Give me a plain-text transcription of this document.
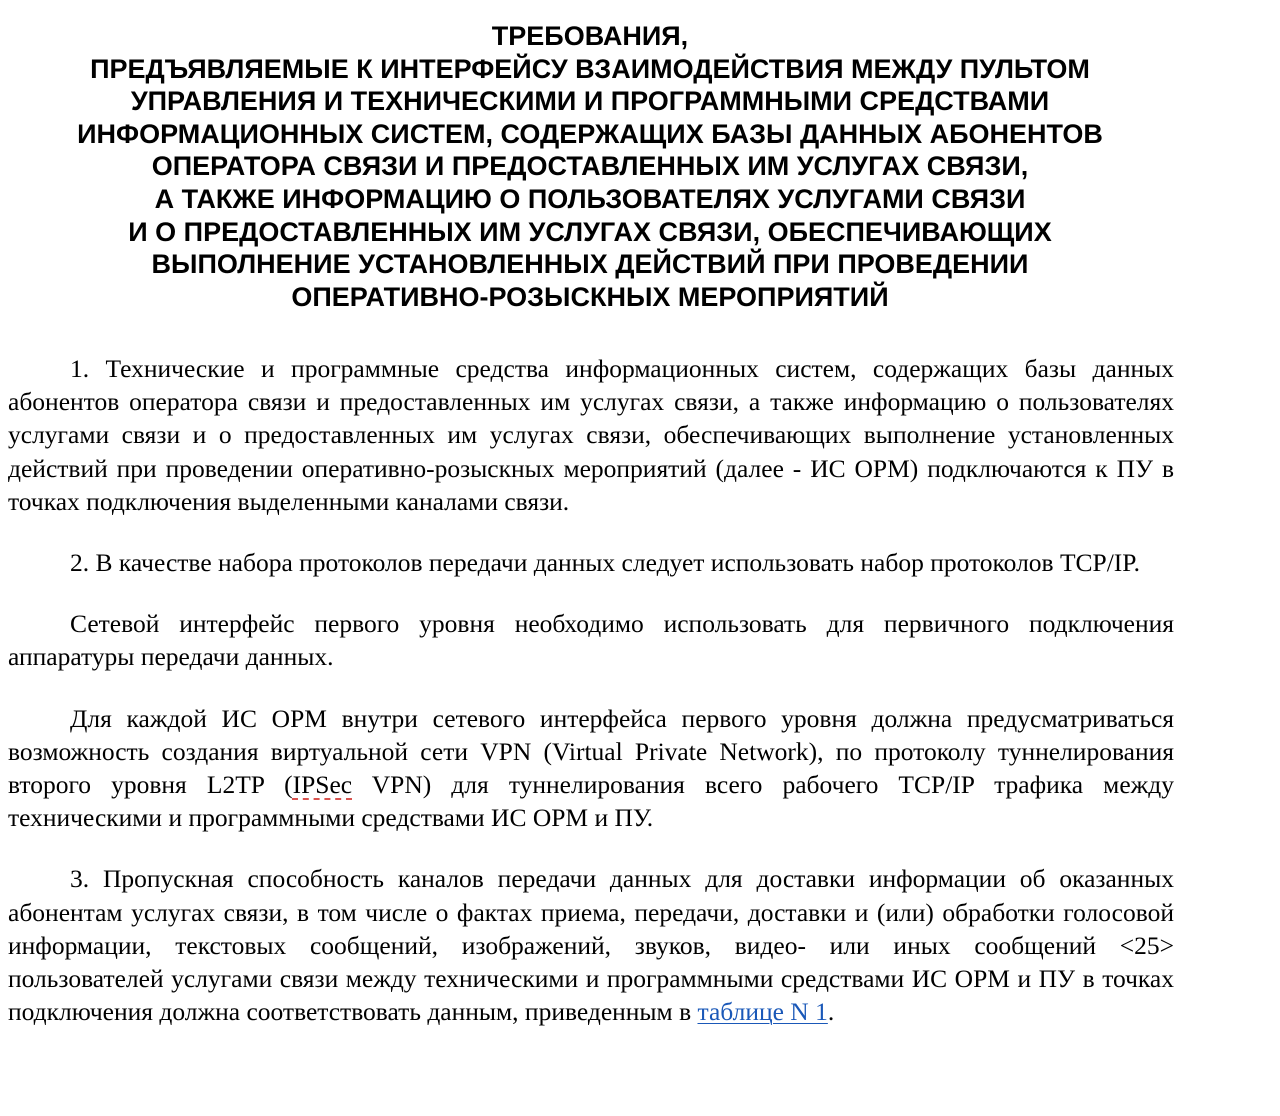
ТРЕБОВАНИЯ,
ПРЕДЪЯВЛЯЕМЫЕ К ИНТЕРФЕЙСУ ВЗАИМОДЕЙСТВИЯ МЕЖДУ ПУЛЬТОМ
УПРАВЛЕНИЯ И ТЕХНИЧЕСКИМИ И ПРОГРАММНЫМИ СРЕДСТВАМИ
ИНФОРМАЦИОННЫХ СИСТЕМ, СОДЕРЖАЩИХ БАЗЫ ДАННЫХ АБОНЕНТОВ
ОПЕРАТОРА СВЯЗИ И ПРЕДОСТАВЛЕННЫХ ИМ УСЛУГАХ СВЯЗИ,
А ТАКЖЕ ИНФОРМАЦИЮ О ПОЛЬЗОВАТЕЛЯХ УСЛУГАМИ СВЯЗИ
И О ПРЕДОСТАВЛЕННЫХ ИМ УСЛУГАХ СВЯЗИ, ОБЕСПЕЧИВАЮЩИХ
ВЫПОЛНЕНИЕ УСТАНОВЛЕННЫХ ДЕЙСТВИЙ ПРИ ПРОВЕДЕНИИ
ОПЕРАТИВНО-РОЗЫСКНЫХ МЕРОПРИЯТИЙ

1. Технические и программные средства информационных систем, содержащих базы данных абонентов оператора связи и предоставленных им услугах связи, а также информацию о пользователях услугами связи и о предоставленных им услугах связи, обеспечивающих выполнение установленных действий при проведении оперативно-розыскных мероприятий (далее - ИС ОРМ) подключаются к ПУ в точках подключения выделенными каналами связи.

2. В качестве набора протоколов передачи данных следует использовать набор протоколов TCP/IP.

Сетевой интерфейс первого уровня необходимо использовать для первичного подключения аппаратуры передачи данных.

Для каждой ИС ОРМ внутри сетевого интерфейса первого уровня должна предусматриваться возможность создания виртуальной сети VPN (Virtual Private Network), по протоколу туннелирования второго уровня L2TP (IPSec VPN) для туннелирования всего рабочего TCP/IP трафика между техническими и программными средствами ИС ОРМ и ПУ.

3. Пропускная способность каналов передачи данных для доставки информации об оказанных абонентам услугах связи, в том числе о фактах приема, передачи, доставки и (или) обработки голосовой информации, текстовых сообщений, изображений, звуков, видео- или иных сообщений <25> пользователей услугами связи между техническими и программными средствами ИС ОРМ и ПУ в точках подключения должна соответствовать данным, приведенным в таблице N 1.
